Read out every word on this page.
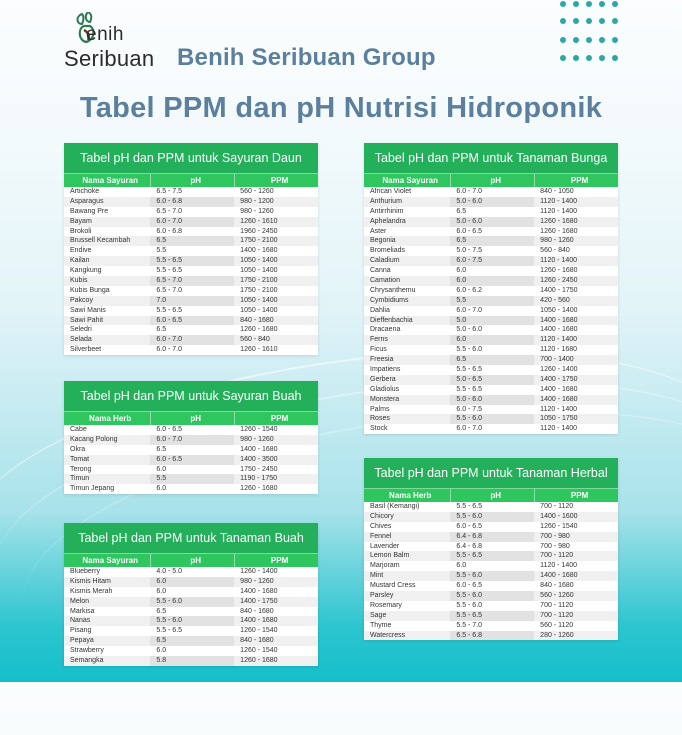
enih
Seribuan Benih Seribuan Group
Tabel PPM dan pH Nutrisi Hidroponik
Tabel pH dan PPM untuk Sayuran Daun
Nama Sayuran	pH	PPM
Artichoke	6.5 - 7.5	560 - 1260
Asparagus	6.0 - 6.8	980 - 1200
Bawang Pre	6.5 - 7.0	980 - 1260
Bayam	6.0 - 7.0	1260 - 1610
Brokoli	6.0 - 6.8	1960 - 2450
Brussell Kecambah	6.5	1750 - 2100
Endive	5.5	1400 - 1680
Kailan	5.5 - 6.5	1050 - 1400
Kangkung	5.5 - 6.5	1050 - 1400
Kubis	6.5 - 7.0	1750 - 2100
Kubis Bunga	6.5 - 7.0	1750 - 2100
Pakcoy	7.0	1050 - 1400
Sawi Manis	5.5 - 6.5	1050 - 1400
Sawi Pahit	6.0 - 6.5	840 - 1680
Seledri	6.5	1260 - 1680
Selada	6.0 - 7.0	560 - 840
Silverbeet	6.0 - 7.0	1260 - 1610
Tabel pH dan PPM untuk Sayuran Buah
Nama Herb	pH	PPM
Cabe	6.0 - 6.5	1260 - 1540
Kacang Polong	6.0 - 7.0	980 - 1260
Okra	6.5	1400 - 1680
Tomat	6.0 - 6.5	1400 - 3500
Terong	6.0	1750 - 2450
Timun	5.5	1190 - 1750
Timun Jepang	6.0	1260 - 1680
Tabel pH dan PPM untuk Tanaman Buah
Nama Sayuran	pH	PPM
Blueberry	4.0 - 5.0	1260 - 1400
Kismis Hitam	6.0	980 - 1260
Kismis Merah	6.0	1400 - 1680
Melon	5.5 - 6.0	1400 - 1750
Markisa	6.5	840 - 1680
Nanas	5.5 - 6.0	1400 - 1680
Pisang	5.5 - 6.5	1260 - 1540
Pepaya	6.5	840 - 1680
Strawberry	6.0	1260 - 1540
Semangka	5.8	1260 - 1680
Tabel pH dan PPM untuk Tanaman Bunga
Nama Sayuran	pH	PPM
African Violet	6.0 - 7.0	840 - 1050
Anthurium	5.0 - 6.0	1120 - 1400
Antirrhinim	6.5	1120 - 1400
Aphelandra	5.0 - 6.0	1260 - 1680
Aster	6.0 - 6.5	1260 - 1680
Begonia	6.5	980 - 1260
Bromeliads	5.0 - 7.5	560 - 840
Caladium	6.0 - 7.5	1120 - 1400
Canna	6.0	1260 - 1680
Camation	6.0	1260 - 2450
Chrysanthemu	6.0 - 6.2	1400 - 1750
Cymbidiums	5.5	420 - 560
Dahlia	6.0 - 7.0	1050 - 1400
Dieffenbachia	5.0	1400 - 1680
Dracaena	5.0 - 6.0	1400 - 1680
Ferns	6.0	1120 - 1400
Ficus	5.5 - 6.0	1120 - 1680
Freesia	6.5	700 - 1400
Impatiens	5.5 - 6.5	1260 - 1400
Gerbera	5.0 - 6.5	1400 - 1750
Gladiolus	5.5 - 6.5	1400 - 1680
Monstera	5.0 - 6.0	1400 - 1680
Palms	6.0 - 7.5	1120 - 1400
Roses	5.5 - 6.0	1050 - 1750
Stock	6.0 - 7.0	1120 - 1400
Tabel pH dan PPM untuk Tanaman Herbal
Nama Herb	pH	PPM
Basil (Kemangi)	5.5 - 6.5	700 - 1120
Chicory	5.5 - 6.0	1400 - 1600
Chives	6.0 - 6.5	1260 - 1540
Fennel	6.4 - 6.8	700 - 980
Lavender	6.4 - 6.8	700 - 980
Lemon Balm	5.5 - 6.5	700 - 1120
Marjoram	6.0	1120 - 1400
Mint	5.5 - 6.0	1400 - 1680
Mustard Cress	6.0 - 6.5	840 - 1680
Parsley	5.5 - 6.0	560 - 1260
Rosemary	5.5 - 6.0	700 - 1120
Sage	5.5 - 6.5	700 - 1120
Thyme	5.5 - 7.0	560 - 1120
Watercress	6.5 - 6.8	280 - 1260
